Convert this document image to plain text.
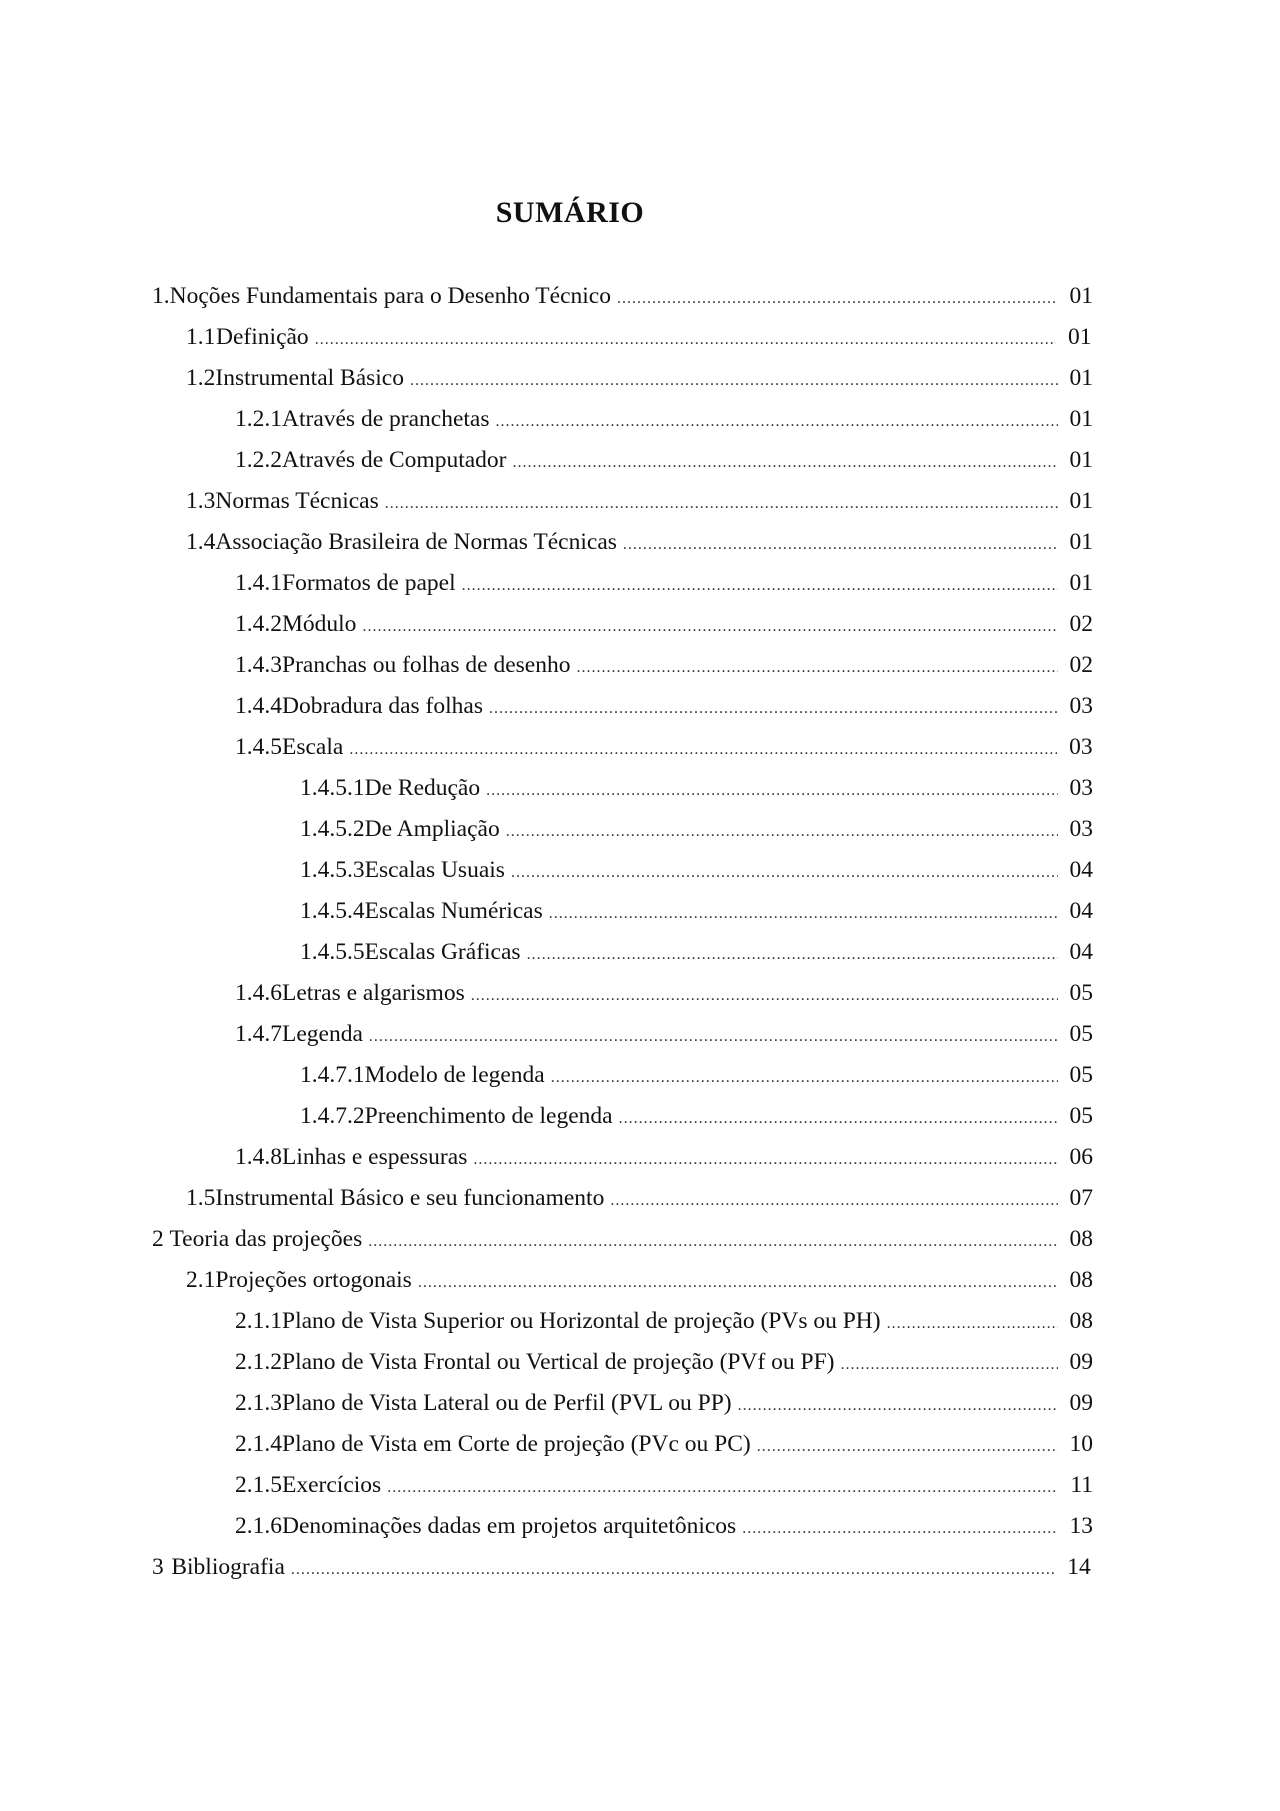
SUMÁRIO
1. Noções Fundamentais para o Desenho Técnico .....	01
1.1 Definição .....	01
1.2 Instrumental Básico .....	01
1.2.1 Através de pranchetas .....	01
1.2.2 Através de Computador .....	01
1.3 Normas Técnicas .....	01
1.4 Associação Brasileira de Normas Técnicas .....	01
1.4.1 Formatos de papel .....	01
1.4.2 Módulo .....	02
1.4.3 Pranchas ou folhas de desenho .....	02
1.4.4 Dobradura das folhas .....	03
1.4.5 Escala .....	03
1.4.5.1 De Redução .....	03
1.4.5.2 De Ampliação .....	03
1.4.5.3 Escalas Usuais .....	04
1.4.5.4 Escalas Numéricas .....	04
1.4.5.5 Escalas Gráficas .....	04
1.4.6 Letras e algarismos .....	05
1.4.7 Legenda .....	05
1.4.7.1 Modelo de legenda .....	05
1.4.7.2 Preenchimento de legenda .....	05
1.4.8 Linhas e espessuras .....	06
1.5 Instrumental Básico e seu funcionamento .....	07
2 Teoria das projeções .....	08
2.1 Projeções ortogonais .....	08
2.1.1 Plano de Vista Superior ou Horizontal de projeção (PVs ou PH) .....	08
2.1.2 Plano de Vista Frontal ou Vertical de projeção (PVf ou PF) .....	09
2.1.3 Plano de Vista Lateral ou de Perfil (PVL ou PP) .....	09
2.1.4 Plano de Vista em Corte de projeção (PVc ou PC) .....	10
2.1.5 Exercícios .....	11
2.1.6 Denominações dadas em projetos arquitetônicos .....	13
3 Bibliografia .....	14
